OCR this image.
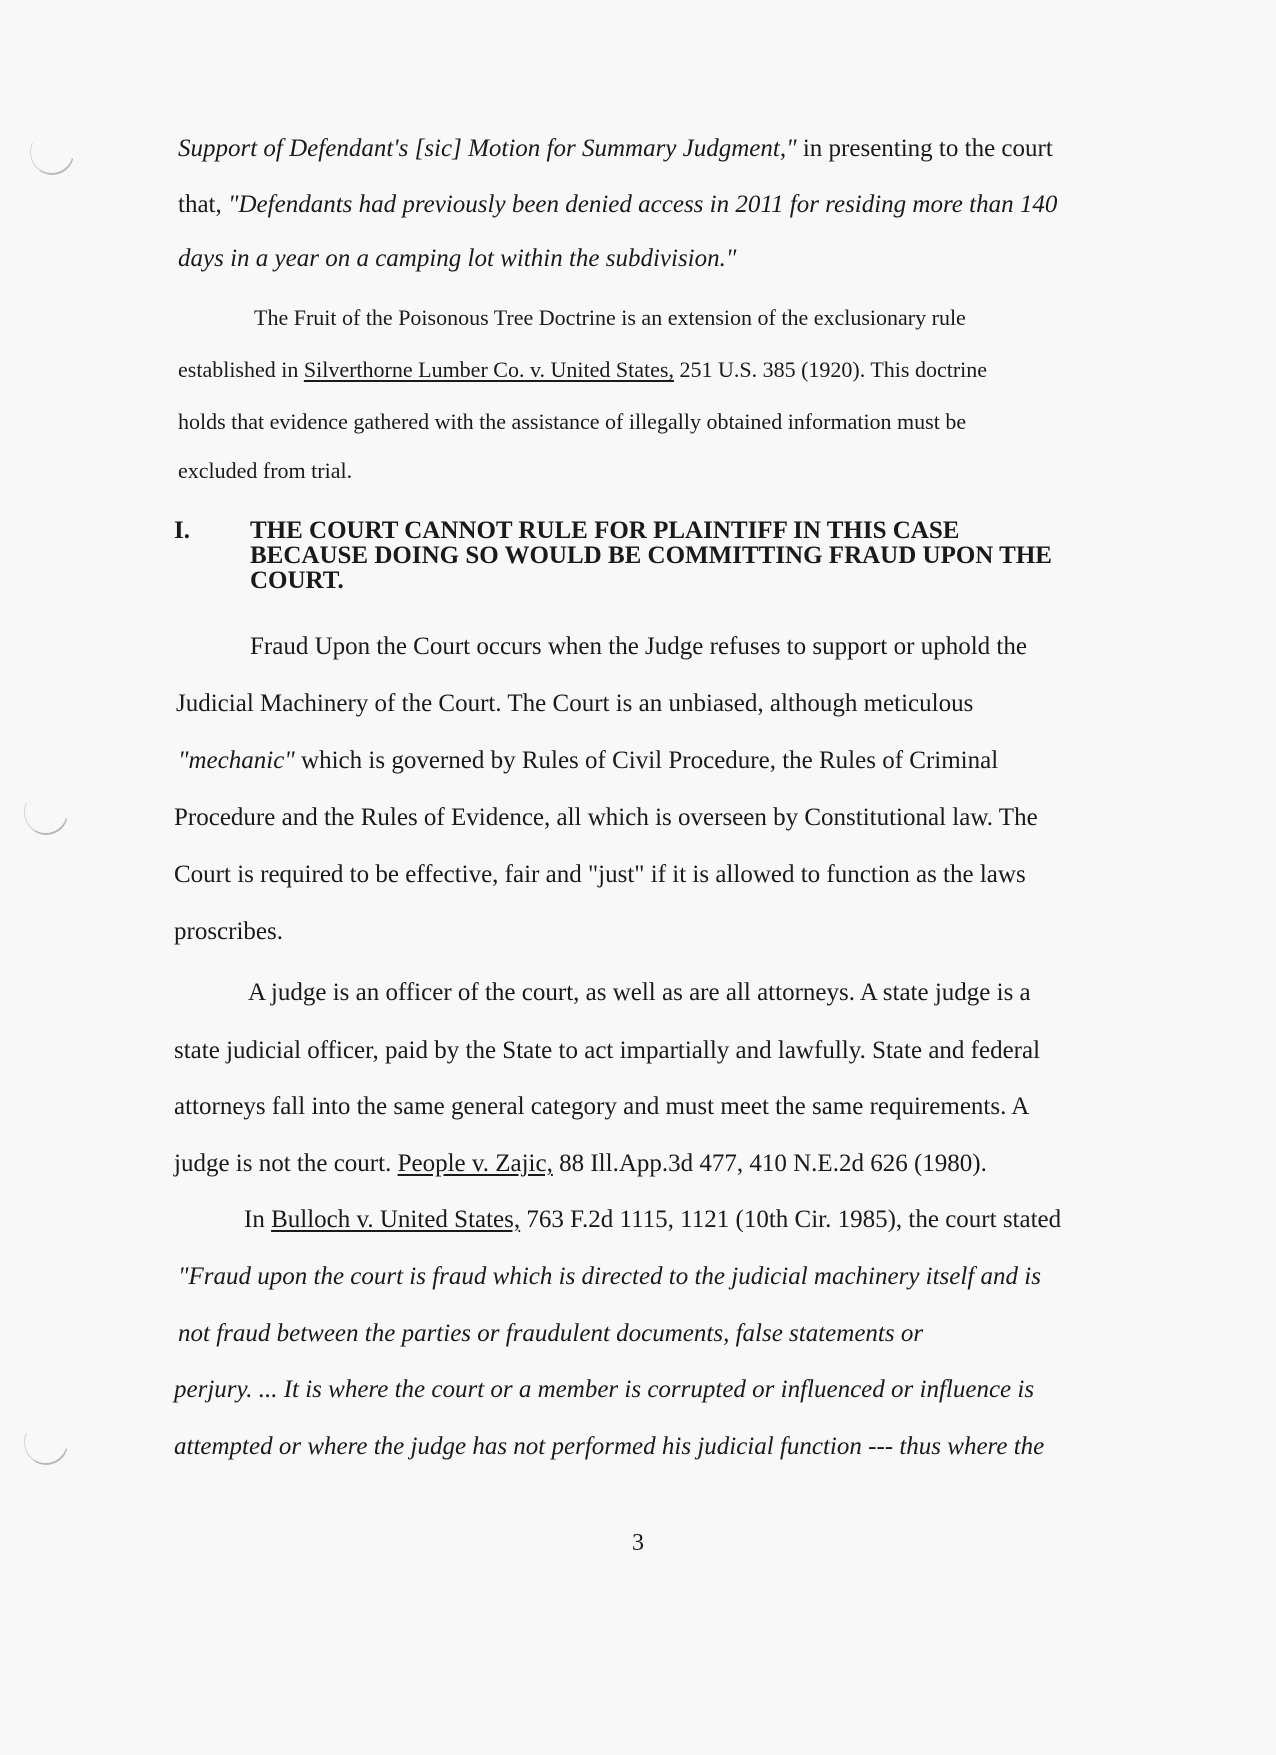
Support of Defendant's [sic] Motion for Summary Judgment," in presenting to the court
that, "Defendants had previously been denied access in 2011 for residing more than 140
days in a year on a camping lot within the subdivision."
The Fruit of the Poisonous Tree Doctrine is an extension of the exclusionary rule
established in Silverthorne Lumber Co. v. United States, 251 U.S. 385 (1920). This doctrine
holds that evidence gathered with the assistance of illegally obtained information must be
excluded from trial.
I. THE COURT CANNOT RULE FOR PLAINTIFF IN THIS CASE
BECAUSE DOING SO WOULD BE COMMITTING FRAUD UPON THE
COURT.
Fraud Upon the Court occurs when the Judge refuses to support or uphold the
Judicial Machinery of the Court. The Court is an unbiased, although meticulous
"mechanic" which is governed by Rules of Civil Procedure, the Rules of Criminal
Procedure and the Rules of Evidence, all which is overseen by Constitutional law. The
Court is required to be effective, fair and "just" if it is allowed to function as the laws
proscribes.
A judge is an officer of the court, as well as are all attorneys. A state judge is a
state judicial officer, paid by the State to act impartially and lawfully. State and federal
attorneys fall into the same general category and must meet the same requirements. A
judge is not the court. People v. Zajic, 88 Ill.App.3d 477, 410 N.E.2d 626 (1980).
In Bulloch v. United States, 763 F.2d 1115, 1121 (10th Cir. 1985), the court stated
"Fraud upon the court is fraud which is directed to the judicial machinery itself and is
not fraud between the parties or fraudulent documents, false statements or
perjury. ... It is where the court or a member is corrupted or influenced or influence is
attempted or where the judge has not performed his judicial function --- thus where the
3
